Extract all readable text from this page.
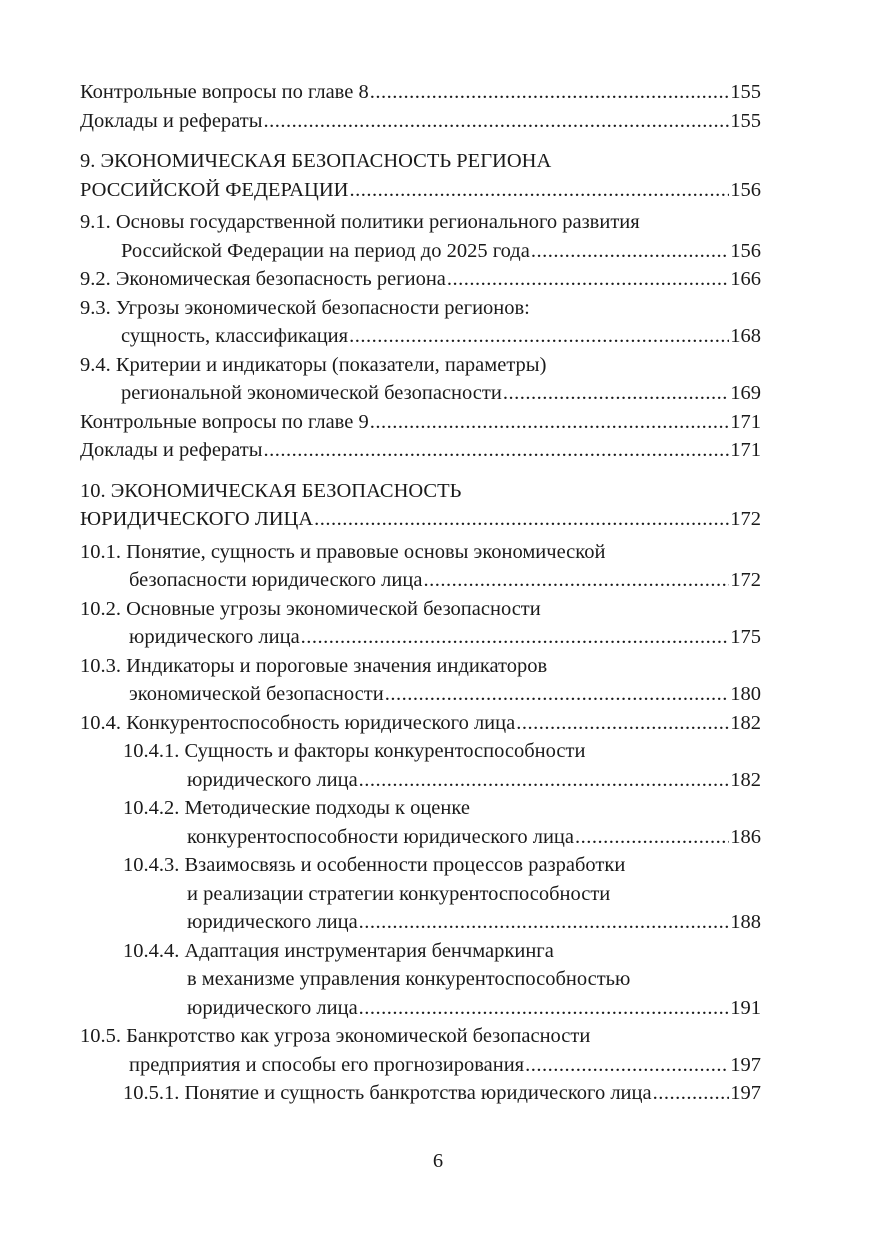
Контрольные вопросы по главе 8 .....	155
Доклады и рефераты .....	155
9. ЭКОНОМИЧЕСКАЯ БЕЗОПАСНОСТЬ РЕГИОНА
РОССИЙСКОЙ ФЕДЕРАЦИИ .....	156
9.1. Основы государственной политики регионального развития
Российской Федерации на период до 2025 года .....	156
9.2. Экономическая безопасность региона .....	166
9.3. Угрозы экономической безопасности регионов:
сущность, классификация .....	168
9.4. Критерии и индикаторы (показатели, параметры)
региональной экономической безопасности .....	169
Контрольные вопросы по главе 9 .....	171
Доклады и рефераты .....	171
10. ЭКОНОМИЧЕСКАЯ БЕЗОПАСНОСТЬ
ЮРИДИЧЕСКОГО ЛИЦА .....	172
10.1. Понятие, сущность и правовые основы экономической
безопасности юридического лица .....	172
10.2. Основные угрозы экономической безопасности
юридического лица .....	175
10.3. Индикаторы и пороговые значения индикаторов
экономической безопасности .....	180
10.4. Конкурентоспособность юридического лица .....	182
10.4.1. Сущность и факторы конкурентоспособности
юридического лица .....	182
10.4.2. Методические подходы к оценке
конкурентоспособности юридического лица .....	186
10.4.3. Взаимосвязь и особенности процессов разработки
и реализации стратегии конкурентоспособности
юридического лица .....	188
10.4.4. Адаптация инструментария бенчмаркинга
в механизме управления конкурентоспособностью
юридического лица .....	191
10.5. Банкротство как угроза экономической безопасности
предприятия и способы его прогнозирования .....	197
10.5.1. Понятие и сущность банкротства юридического лица .....	197
6
